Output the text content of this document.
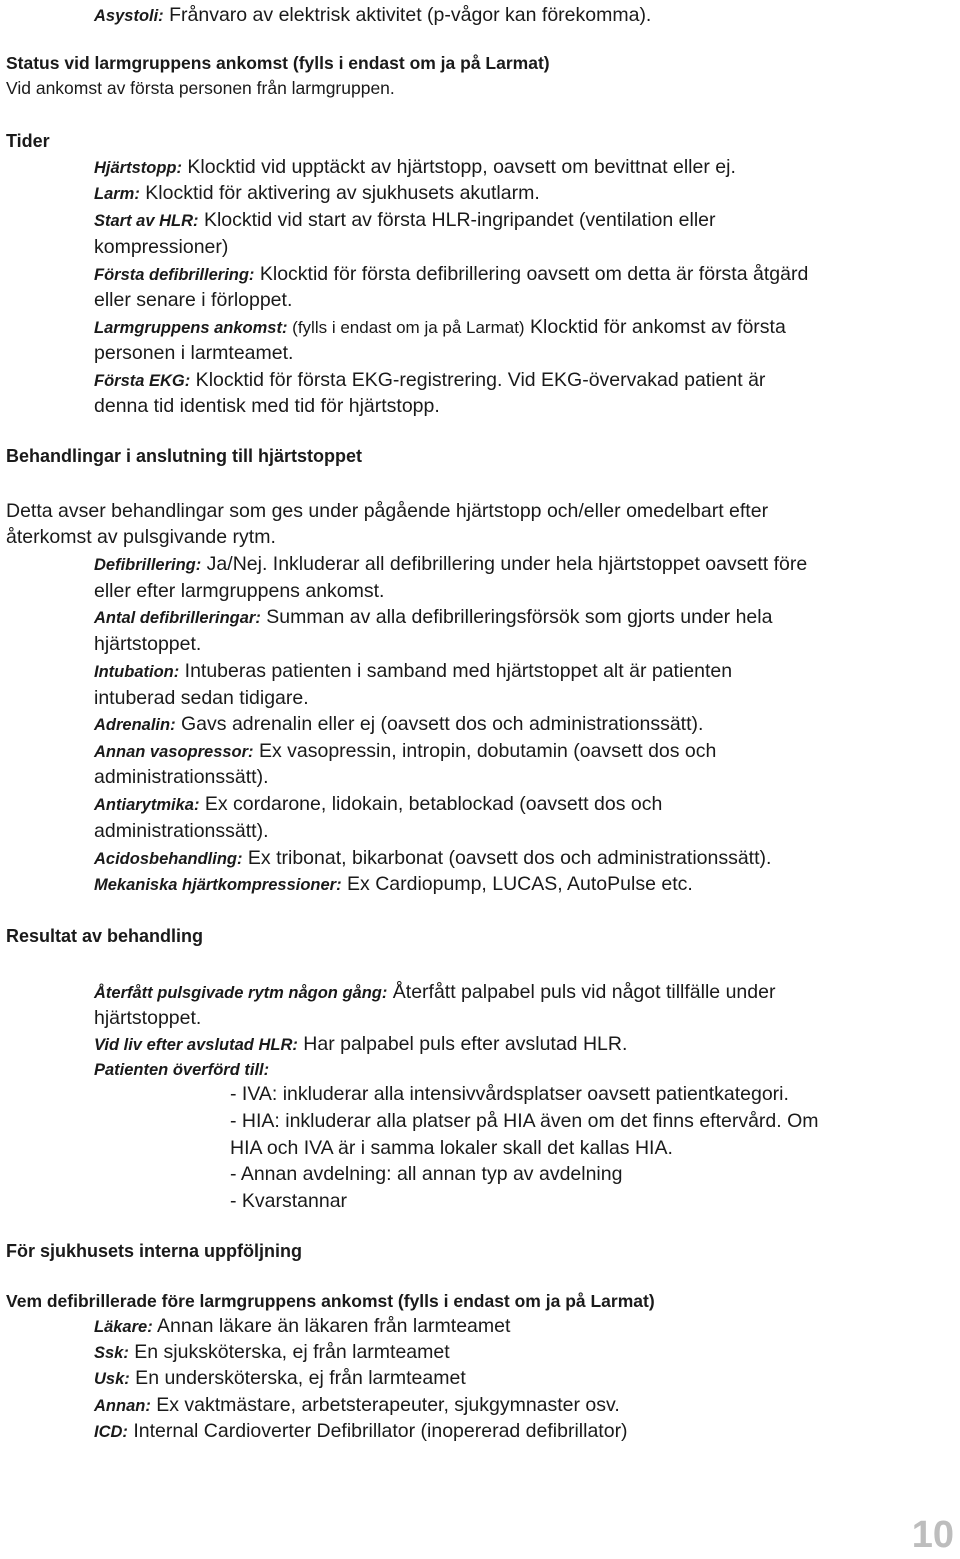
Asystoli: Frånvaro av elektrisk aktivitet (p-vågor kan förekomma).
Status vid larmgruppens ankomst (fylls i endast om ja på Larmat)
Vid ankomst av första personen från larmgruppen.
Tider
Hjärtstopp: Klocktid vid upptäckt av hjärtstopp, oavsett om bevittnat eller ej.
Larm: Klocktid för aktivering av sjukhusets akutlarm.
Start av HLR: Klocktid vid start av första HLR-ingripandet (ventilation eller
kompressioner)
Första defibrillering: Klocktid för första defibrillering oavsett om detta är första åtgärd
eller senare i förloppet.
Larmgruppens ankomst: (fylls i endast om ja på Larmat) Klocktid för ankomst av första
personen i larmteamet.
Första EKG: Klocktid för första EKG-registrering. Vid EKG-övervakad patient är
denna tid identisk med tid för hjärtstopp.
Behandlingar i anslutning till hjärtstoppet
Detta avser behandlingar som ges under pågående hjärtstopp och/eller omedelbart efter
återkomst av pulsgivande rytm.
Defibrillering: Ja/Nej. Inkluderar all defibrillering under hela hjärtstoppet oavsett före
eller efter larmgruppens ankomst.
Antal defibrilleringar: Summan av alla defibrilleringsförsök som gjorts under hela
hjärtstoppet.
Intubation: Intuberas patienten i samband med hjärtstoppet alt är patienten
intuberad sedan tidigare.
Adrenalin: Gavs adrenalin eller ej (oavsett dos och administrationssätt).
Annan vasopressor: Ex vasopressin, intropin, dobutamin (oavsett dos och
administrationssätt).
Antiarytmika: Ex cordarone, lidokain, betablockad (oavsett dos och
administrationssätt).
Acidosbehandling: Ex tribonat, bikarbonat (oavsett dos och administrationssätt).
Mekaniska hjärtkompressioner: Ex Cardiopump, LUCAS, AutoPulse etc.
Resultat av behandling
Återfått pulsgivade rytm någon gång: Återfått palpabel puls vid något tillfälle under
hjärtstoppet.
Vid liv efter avslutad HLR: Har palpabel puls efter avslutad HLR.
Patienten överförd till:
- IVA: inkluderar alla intensivvårdsplatser oavsett patientkategori.
- HIA: inkluderar alla platser på HIA även om det finns eftervård. Om
HIA och IVA är i samma lokaler skall det kallas HIA.
- Annan avdelning: all annan typ av avdelning
- Kvarstannar
För sjukhusets interna uppföljning
Vem defibrillerade före larmgruppens ankomst (fylls i endast om ja på Larmat)
Läkare: Annan läkare än läkaren från larmteamet
Ssk: En sjuksköterska, ej från larmteamet
Usk: En undersköterska, ej från larmteamet
Annan: Ex vaktmästare, arbetsterapeuter, sjukgymnaster osv.
ICD: Internal Cardioverter Defibrillator (inopererad defibrillator)
10
